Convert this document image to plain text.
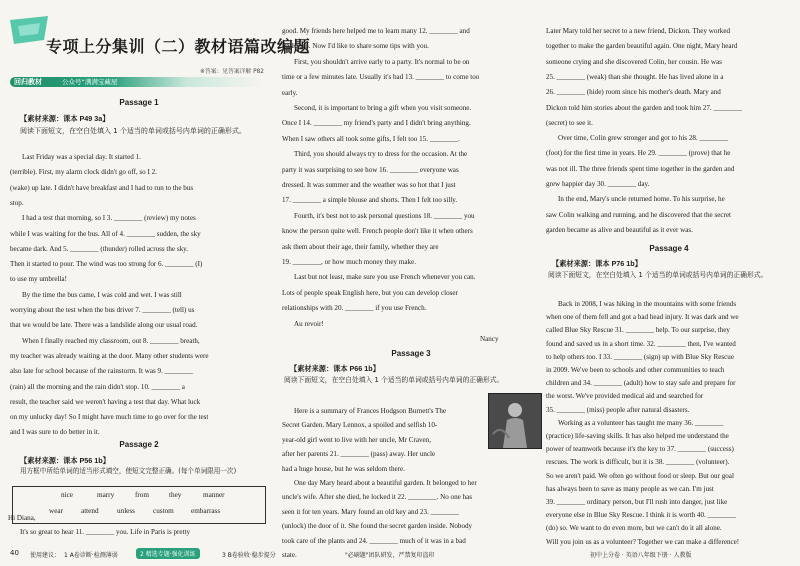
专项上分集训（二）教材语篇改编题
※答案：见答案详解 P82
回归教材	公众号“满满宝藏屋
Passage 1
【素材来源：课本 P49 3a】
阅读下面短文，在空白处填入 1 个适当的单词或括号内单词的正确形式。
Last Friday was a special day. It started 1.
(terrible). First, my alarm clock didn't go off, so I 2.
(wake) up late. I didn't have breakfast and I had to run to the bus
stop.
I had a test that morning, so I 3. ________ (review) my notes
while I was waiting for the bus. All of 4. ________ sudden, the sky
became dark. And 5. ________ (thunder) rolled across the sky.
Then it started to pour. The wind was too strong for 6. ________ (I)
to use my umbrella!
By the time the bus came, I was cold and wet. I was still
worrying about the test when the bus driver 7. ________ (tell) us
that we would be late. There was a landslide along our usual road.
When I finally reached my classroom, out 8. ________ breath,
my teacher was already waiting at the door. Many other students were
also late for school because of the rainstorm. It was 9. ________
(rain) all the morning and the rain didn't stop. 10. ________ a
result, the teacher said we weren't having a test that day. What luck
on my unlucky day! So I might have much time to go over for the test
and I was sure to do better in it.
Passage 2
【素材来源：课本 P56 1b】
用方框中所给单词的适当形式填空，使短文完整正确。(每个单词限用一次)
nice	marry	from	they	manner
wear	attend	unless	custom embarrass
Hi Diana,
It's so great to hear 11. ________ you. Life in Paris is pretty
good. My friends here helped me to learn many 12. ________ and
traditions. Now I'd like to share some tips with you.
First, you shouldn't arrive early to a party. It's normal to be on
time or a few minutes late. Usually it's bad 13. ________ to come too
early.
Second, it is important to bring a gift when you visit someone.
Once I 14. ________ my friend's party and I didn't bring anything.
When I saw others all took some gifts, I felt too 15. ________.
Third, you should always try to dress for the occasion. At the
party it was surprising to see how 16. ________ everyone was
dressed. It was summer and the weather was so hot that I just
17. ________ a simple blouse and shorts. Then I felt too silly.
Fourth, it's best not to ask personal questions 18. ________ you
know the person quite well. French people don't like it when others
ask them about their age, their family, whether they are
19. ________, or how much money they make.
Last but not least, make sure you use French whenever you can.
Lots of people speak English here, but you can develop closer
relationships with 20. ________ if you use French.
Au revoir!
Nancy
Passage 3
【素材来源：课本 P66 1b】
阅读下面短文，在空白处填入 1 个适当的单词或括号内单词的正确形式。
Here is a summary of Frances Hodgson Burnett's The
Secret Garden. Mary Lennox, a spoiled and selfish 10-
year-old girl went to live with her uncle, Mr Craven,
after her parents 21. ________ (pass) away. Her uncle
had a huge house, but he was seldom there.
One day Mary heard about a beautiful garden. It belonged to her
uncle's wife. After she died, he locked it 22. ________. No one has
seen it for ten years. Mary found an old key and 23. ________
(unlock) the door of it. She found the secret garden inside. Nobody
took care of the plants and 24. ________ much of it was in a bad
state.
Later Mary told her secret to a new friend, Dickon. They worked
together to make the garden beautiful again. One night, Mary heard
someone crying and she discovered Colin, her cousin. He was
25. ________ (weak) than she thought. He has lived alone in a
26. ________ (hide) room since his mother's death. Mary and
Dickon told him stories about the garden and took him 27. ________
(secret) to see it.
Over time, Colin grew stronger and got to his 28. ________
(foot) for the first time in years. He 29. ________ (prove) that he
was not ill. The three friends spent time together in the garden and
grew happier day 30. ________ day.
In the end, Mary's uncle returned home. To his surprise, he
saw Colin walking and running, and he discovered that the secret
garden became as alive and beautiful as it ever was.
Passage 4
【素材来源：课本 P76 1b】
阅读下面短文，在空白处填入 1 个适当的单词或括号内单词的正确形式。
Back in 2008, I was hiking in the mountains with some friends
when one of them fell and got a bad head injury. It was dark and we
called Blue Sky Rescue 31. ________ help. To our surprise, they
found and saved us in a short time. 32. ________ then, I've wanted
to help others too. I 33. ________ (sign) up with Blue Sky Rescue
in 2009. We've been to schools and other communities to teach
children and 34. ________ (adult) how to stay safe and prepare for
the worst. We've provided medical aid and searched for
35. ________ (miss) people after natural disasters.
Working as a volunteer has taught me many 36. ________
(practice) life-saving skills. It has also helped me understand the
power of teamwork because it's the key to 37. ________ (success)
rescues. The work is difficult, but it is 38. ________ (volunteer).
So we aren't paid. We often go without food or sleep. But our goal
has always been to save as many people as we can. I'm just
39. ________ ordinary person, but I'll rush into danger, just like
everyone else in Blue Sky Rescue. I think it is worth 40. ________
(do) so. We want to do even more, but we can't do it all alone.
Will you join us as a volunteer? Together we can make a difference!
40 使用建议： 1 A卷诊断·检测薄弱	2 精选专题·强化训练	3 B卷验收·稳步提分	"必刷题"团队研发，严禁复印盗印	初中上分卷 · 英语八年级下册 · 人教版
